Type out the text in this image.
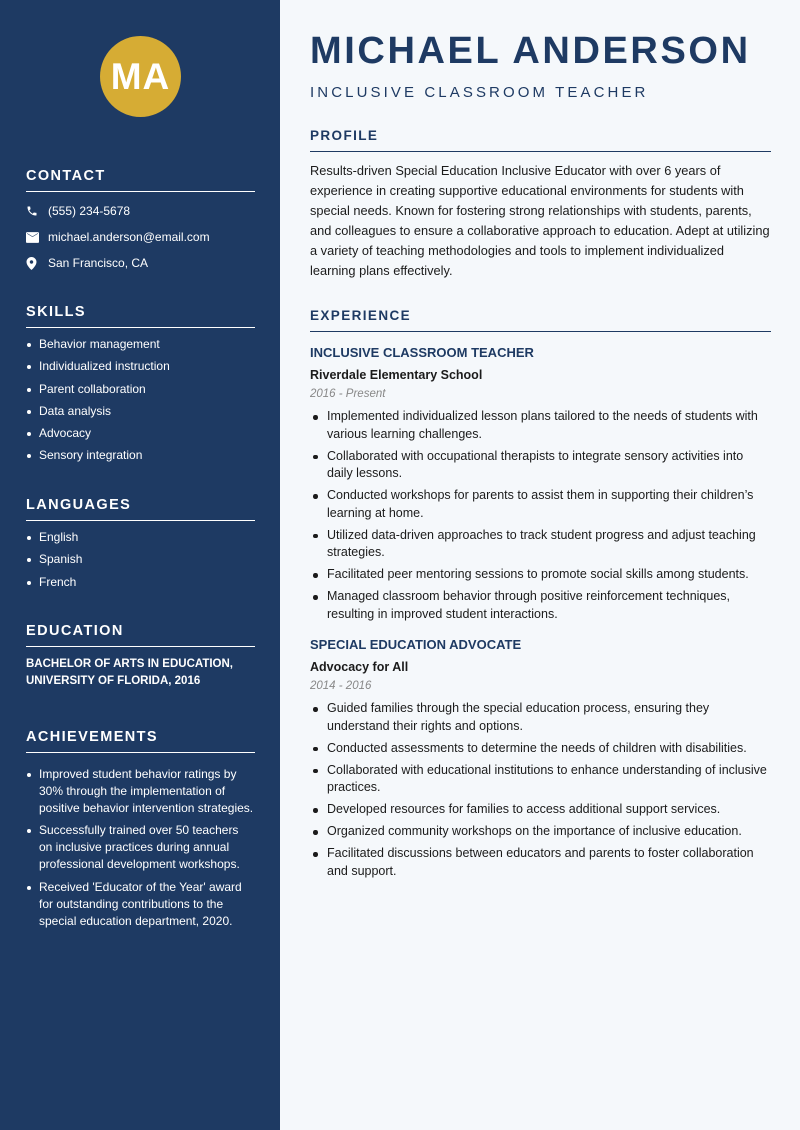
MA
CONTACT
(555) 234-5678
michael.anderson@email.com
San Francisco, CA
SKILLS
Behavior management
Individualized instruction
Parent collaboration
Data analysis
Advocacy
Sensory integration
LANGUAGES
English
Spanish
French
EDUCATION
BACHELOR OF ARTS IN EDUCATION, UNIVERSITY OF FLORIDA, 2016
ACHIEVEMENTS
Improved student behavior ratings by 30% through the implementation of positive behavior intervention strategies.
Successfully trained over 50 teachers on inclusive practices during annual professional development workshops.
Received 'Educator of the Year' award for outstanding contributions to the special education department, 2020.
MICHAEL ANDERSON
INCLUSIVE CLASSROOM TEACHER
PROFILE

Results-driven Special Education Inclusive Educator with over 6 years of experience in creating supportive educational environments for students with special needs. Known for fostering strong relationships with students, parents, and colleagues to ensure a collaborative approach to education. Adept at utilizing a variety of teaching methodologies and tools to implement individualized learning plans effectively.

EXPERIENCE
INCLUSIVE CLASSROOM TEACHER
Riverdale Elementary School
2016 - Present
Implemented individualized lesson plans tailored to the needs of students with various learning challenges.
Collaborated with occupational therapists to integrate sensory activities into daily lessons.
Conducted workshops for parents to assist them in supporting their children’s learning at home.
Utilized data-driven approaches to track student progress and adjust teaching strategies.
Facilitated peer mentoring sessions to promote social skills among students.
Managed classroom behavior through positive reinforcement techniques, resulting in improved student interactions.
SPECIAL EDUCATION ADVOCATE
Advocacy for All
2014 - 2016
Guided families through the special education process, ensuring they understand their rights and options.
Conducted assessments to determine the needs of children with disabilities.
Collaborated with educational institutions to enhance understanding of inclusive practices.
Developed resources for families to access additional support services.
Organized community workshops on the importance of inclusive education.
Facilitated discussions between educators and parents to foster collaboration and support.
